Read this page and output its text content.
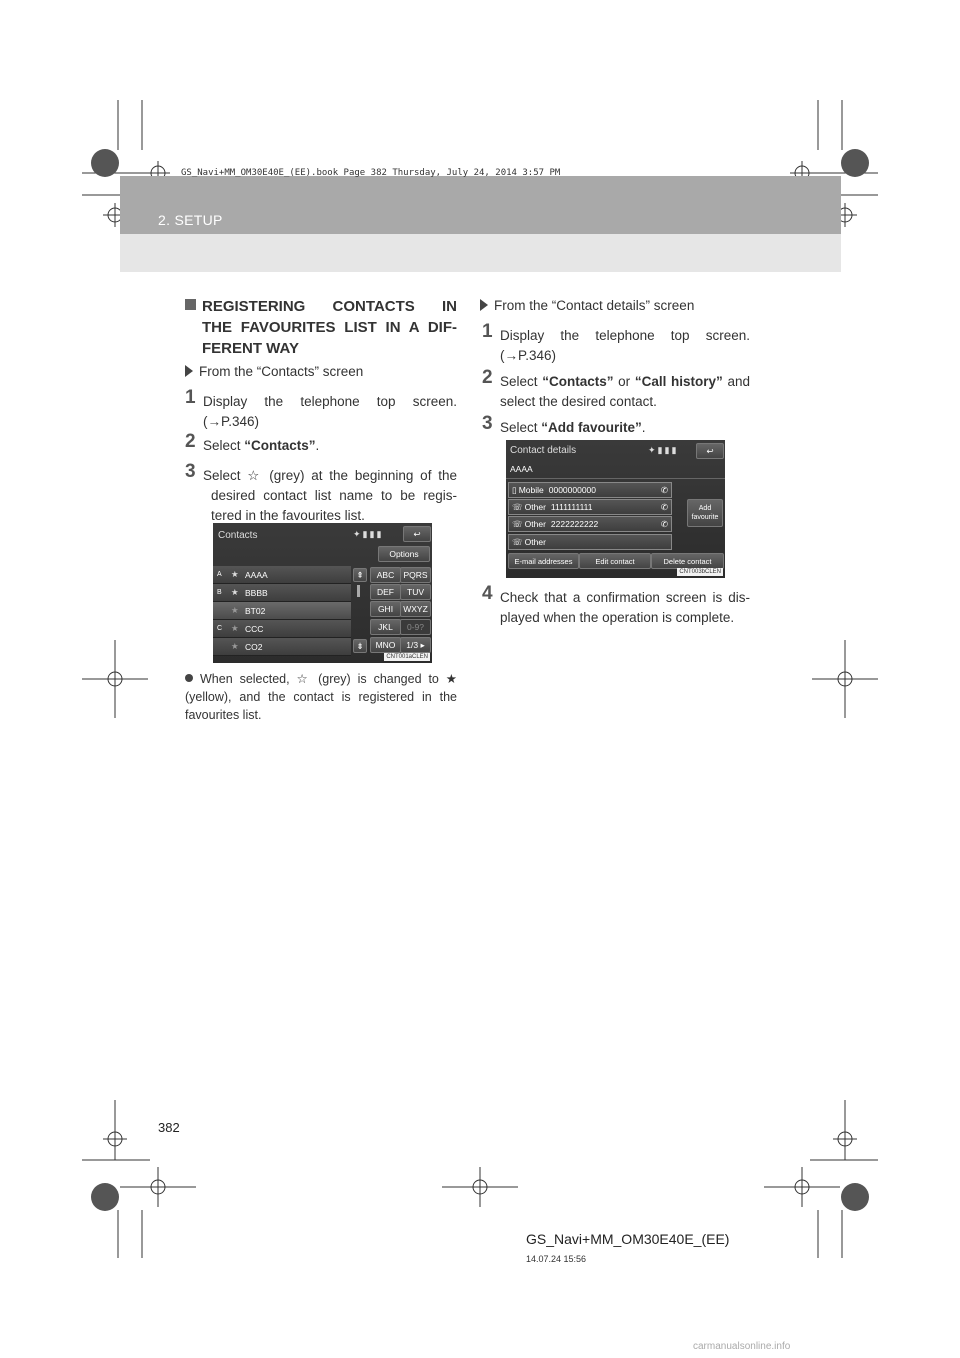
GS_Navi+MM_OM30E40E_(EE).book Page 382 Thursday, July 24, 2014 3:57 PM
2. SETUP
REGISTERING CONTACTS IN
THE FAVOURITES LIST IN A DIF-
FERENT WAY
From the “Contacts” screen
1 Display the telephone top screen.
(→P.346)
2 Select “Contacts”.
3 Select ☆ (grey) at the beginning of the
desired contact list name to be regis-
tered in the favourites list.
Contacts	✦▮▮▮	↩
Options
A	★ AAAA
B	★ BBBB
★ BT02
C	★ CCC
★ CO2
⇞
⇟
ABC	PQRS
DEF	TUV
GHI	WXYZ
JKL	0-9?
MNO	1/3 ▸
CNT001aCLEN
When selected, ☆ (grey) is changed to ★
(yellow), and the contact is registered in the
favourites list.
From the “Contact details” screen
1 Display the telephone top screen.
(→P.346)
2 Select “Contacts” or “Call history” and
select the desired contact.
3 Select “Add favourite”.
Contact details	✦▮▮▮	↩
AAAA
▯ Mobile 0000000000	✆
☏ Other 1111111111	✆
☏ Other 2222222222	✆
☏ Other
Add
favourite
E-mail addresses	Edit contact	Delete contact
CNT003bCLEN
4 Check that a confirmation screen is dis-
played when the operation is complete.
382
GS_Navi+MM_OM30E40E_(EE)
14.07.24 15:56
carmanualsonline.info
